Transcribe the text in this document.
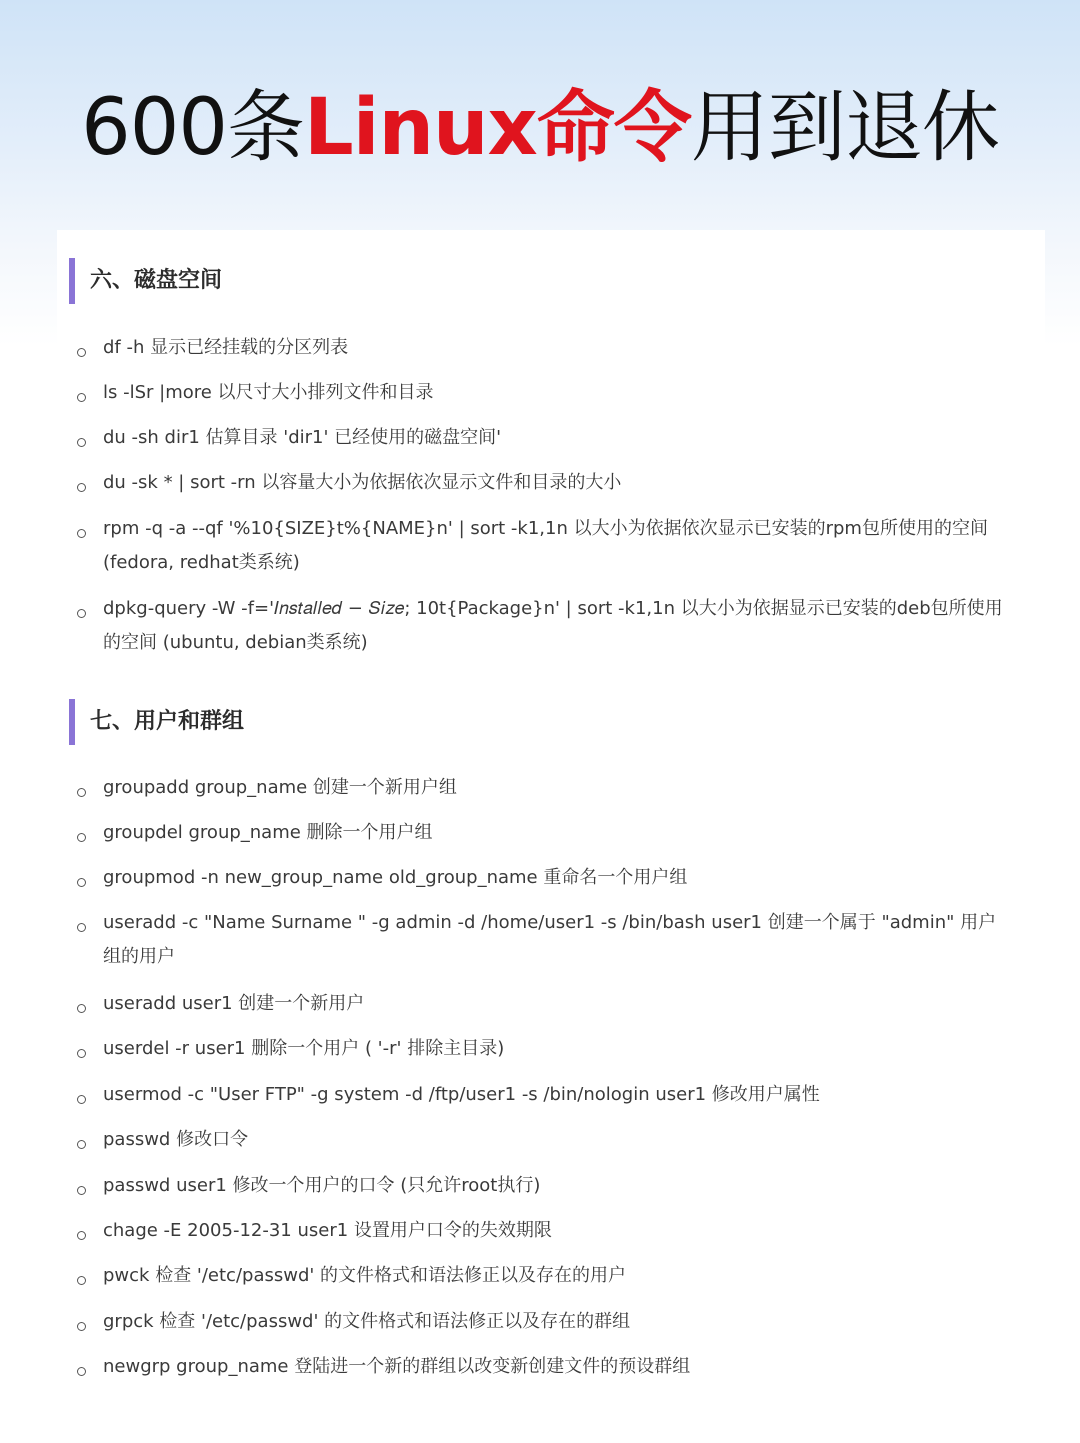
600条Linux命令用到退休
六、磁盘空间
df -h 显示已经挂载的分区列表
ls -lSr |more 以尺寸大小排列文件和目录
du -sh dir1 估算目录 'dir1' 已经使用的磁盘空间'
du -sk * | sort -rn 以容量大小为依据依次显示文件和目录的大小
rpm -q -a --qf '%10{SIZE}t%{NAME}n' | sort -k1,1n 以大小为依据依次显示已安装的rpm包所使用的空间 (fedora, redhat类系统)
dpkg-query -W -f='𝐼𝑛𝑠𝑡𝑎𝑙𝑙𝑒𝑑 − 𝑆𝑖𝑧𝑒; 10t{Package}n' | sort -k1,1n 以大小为依据显示已安装的deb包所使用的空间 (ubuntu, debian类系统)
七、用户和群组
groupadd group_name 创建一个新用户组
groupdel group_name 删除一个用户组
groupmod -n new_group_name old_group_name 重命名一个用户组
useradd -c "Name Surname " -g admin -d /home/user1 -s /bin/bash user1 创建一个属于 "admin" 用户组的用户
useradd user1 创建一个新用户
userdel -r user1 删除一个用户 ( '-r' 排除主目录)
usermod -c "User FTP" -g system -d /ftp/user1 -s /bin/nologin user1 修改用户属性
passwd 修改口令
passwd user1 修改一个用户的口令 (只允许root执行)
chage -E 2005-12-31 user1 设置用户口令的失效期限
pwck 检查 '/etc/passwd' 的文件格式和语法修正以及存在的用户
grpck 检查 '/etc/passwd' 的文件格式和语法修正以及存在的群组
newgrp group_name 登陆进一个新的群组以改变新创建文件的预设群组
